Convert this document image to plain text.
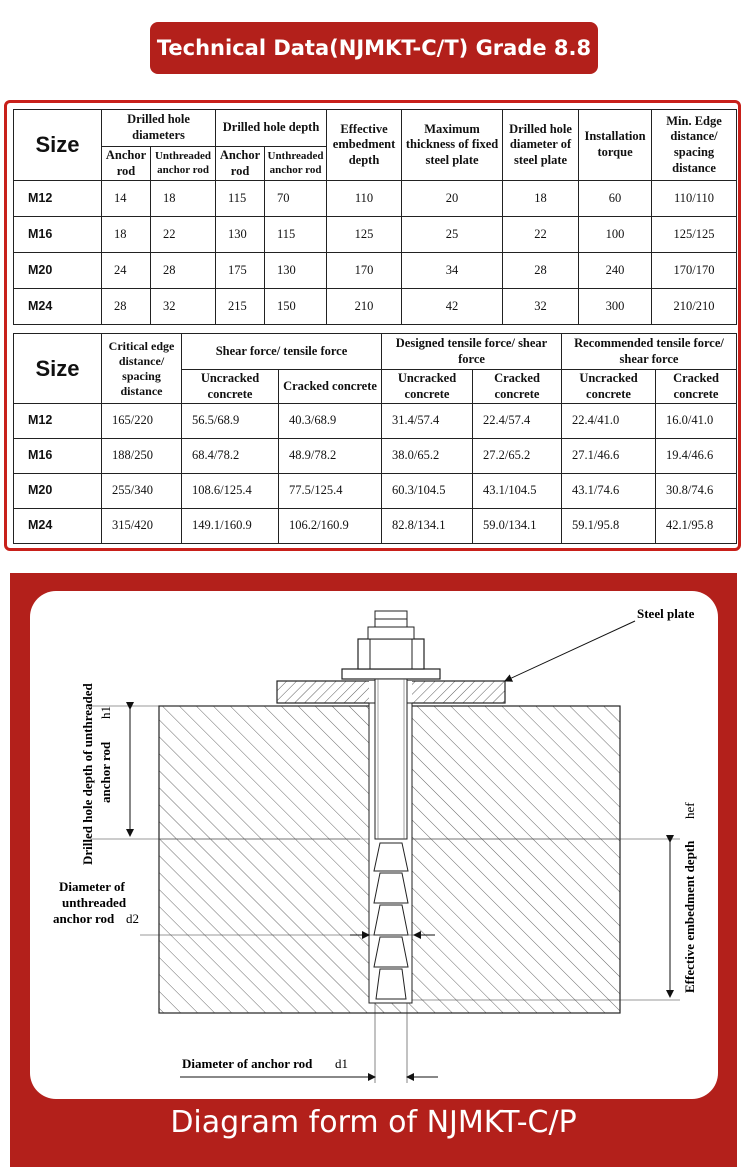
Technical Data(NJMKT-C/T) Grade 8.8
Size	Drilled hole diameters		Drilled hole depth		Effective embedment depth	Maximum thickness of fixed steel plate	Drilled hole diameter of steel plate	Installation torque	Min. Edge distance/ spacing distance
	Anchor rod	Unthreaded anchor rod	Anchor rod	Unthreaded anchor rod					
M12	14	18	115	70	110	20	18	60	110/110
M16	18	22	130	115	125	25	22	100	125/125
M20	24	28	175	130	170	34	28	240	170/170
M24	28	32	215	150	210	42	32	300	210/210
Size	Critical edge distance/ spacing distance	Shear force/ tensile force		Designed tensile force/ shear force		Recommended tensile force/ shear force	
		Uncracked concrete	Cracked concrete	Uncracked concrete	Cracked concrete	Uncracked concrete	Cracked concrete
M12	165/220	56.5/68.9	40.3/68.9	31.4/57.4	22.4/57.4	22.4/41.0	16.0/41.0
M16	188/250	68.4/78.2	48.9/78.2	38.0/65.2	27.2/65.2	27.1/46.6	19.4/46.6
M20	255/340	108.6/125.4	77.5/125.4	60.3/104.5	43.1/104.5	43.1/74.6	30.8/74.6
M24	315/420	149.1/160.9	106.2/160.9	82.8/134.1	59.0/134.1	59.1/95.8	42.1/95.8
Steel plate
Drilled hole depth of unthreaded anchor rod
h1
Diameter of
unthreaded
anchor rod d2	Effective embedment depth
hef
Diameter of anchor rod d1
Diagram form of NJMKT-C/P
